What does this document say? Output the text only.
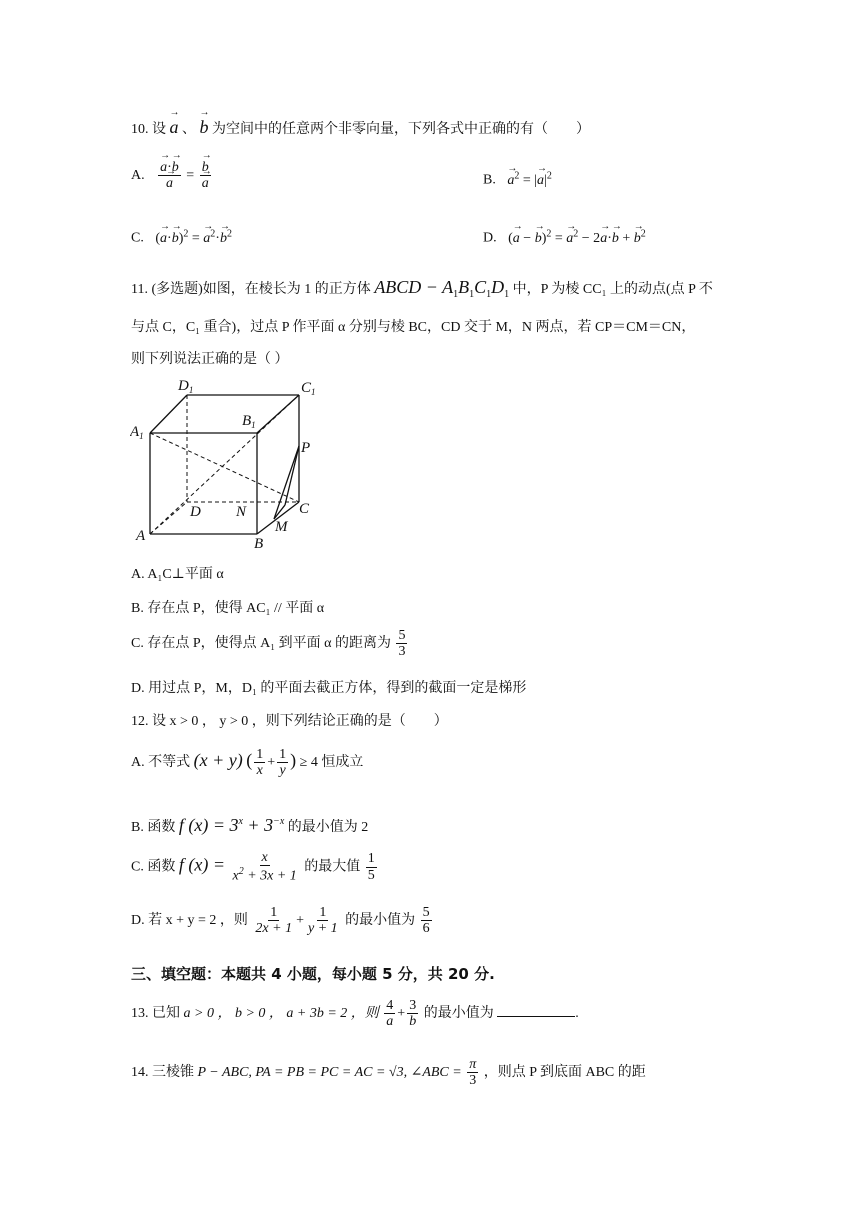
10. 设 → a 、 → b 为空间中的任意两个非零向量，下列各式中正确的有（　　）
A. → a·→ b
→ a = → b
→ a	B. → $a^2$ = |→ $a|^2$
C. (→ a·→ b)$^2$ = → $a^2\cdot\to b^2$	D. (→ a − → b)$^2$ = → $a^2 - 2\to a\cdot\to b$ + → $b^2$
11. (多选题)如图，在棱长为 1 的正方体 ABCD − $A_1B_1C_1D_1$ 中，P 为棱 CC₁ 上的动点(点 P 不
与点 C，C₁ 重合)，过点 P 作平面 α 分别与棱 BC，CD 交于 M，N 两点，若 CP＝CM＝CN，
则下列说法正确的是（ ）
$D_1$	$C_1$
$A_1$
$B_1$
P
D N	C
M
A	B
A. A₁C⊥平面 α
B. 存在点 P，使得 AC₁ // 平面 α
C. 存在点 P，使得点 A₁ 到平面 α 的距离为 $\frac{5}{3}$
D. 用过点 P，M，D₁ 的平面去截正方体，得到的截面一定是梯形
12. 设 x > 0 ， y > 0 ，则下列结论正确的是（　　）
A. 不等式 (x + y) ( $\frac{1}{x} + \frac{1}{y}$ ) ≥ 4 恒成立
B. 函数 f $(x) = 3^x + 3^{-x}$ 的最小值为 2
C. 函数 f $(x) = \frac{x}{x^2 + 3x + 1}$ 的最大值 $\frac{1}{5}$
D. 若 x + y = 2 ，则 $\frac{1}{2x + 1} + \frac{1}{y + 1}$ 的最小值为 $\frac{5}{6}$
三、填空题：本题共 4 小题，每小题 5 分，共 20 分.
13. 已知 a > 0 ， b > 0 ， a + 3b = 2 ，则 $\frac{4}{a} + \frac{3}{b}$ 的最小值为	.
14. 三棱锥 P − ABC, PA = PB = PC = AC = √3, ∠ABC = $\frac{\pi}{3}$ ，则点 P 到底面 ABC 的距
